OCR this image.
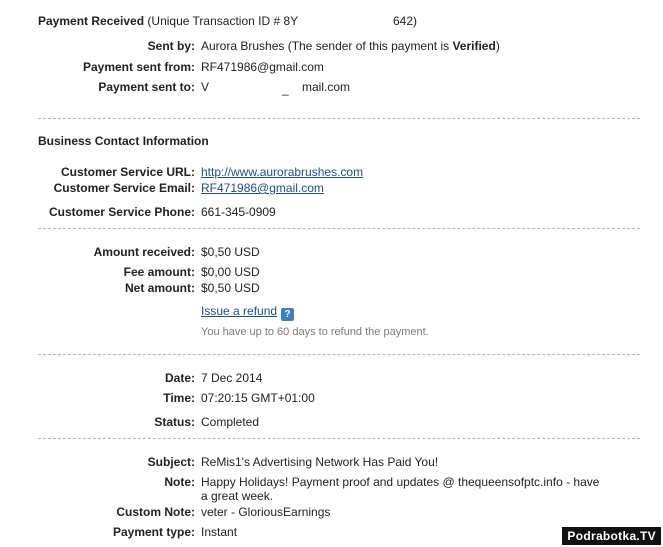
Payment Received (Unique Transaction ID # 8Y	642)
Sent by: Aurora Brushes (The sender of this payment is Verified)
Payment sent from: RF471986@gmail.com
Payment sent to: V	_ mail.com
Business Contact Information
Customer Service URL: http://www.aurorabrushes.com
Customer Service Email: RF471986@gmail.com
Customer Service Phone: 661-345-0909
Amount received: $0,50 USD
Fee amount: $0,00 USD
Net amount: $0,50 USD
Issue a refund ?
You have up to 60 days to refund the payment.
Date: 7 Dec 2014
Time: 07:20:15 GMT+01:00
Status: Completed
Subject: ReMis1's Advertising Network Has Paid You!
Note: Happy Holidays! Payment proof and updates @ thequeensofptc.info - have
a great week.
Custom Note: veter - GloriousEarnings
Payment type: Instant	Podrabotka.TV
